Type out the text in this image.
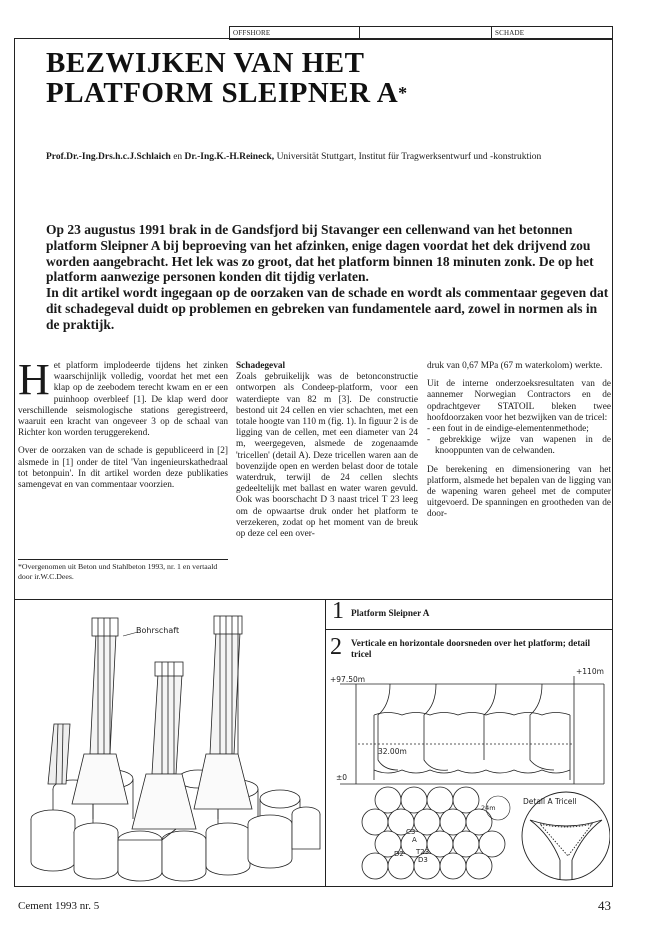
OFFSHORE	SCHADE
BEZWIJKEN VAN HET
PLATFORM SLEIPNER A*
Prof.Dr.-Ing.Drs.h.c.J.Schlaich en Dr.-Ing.K.-H.Reineck, Universität Stuttgart, Institut für Tragwerksentwurf und -konstruktion

Op 23 augustus 1991 brak in de Gandsfjord bij Stavanger een cellenwand van het betonnen platform Sleipner A bij beproeving van het afzinken, enige dagen voordat het dek drijvend zou worden aangebracht. Het lek was zo groot, dat het platform binnen 18 minuten zonk. De op het platform aanwezige personen konden dit tijdig verlaten.

In dit artikel wordt ingegaan op de oorzaken van de schade en wordt als commentaar gegeven dat dit schadegeval duidt op problemen en gebreken van fundamentele aard, zowel in normen als in de praktijk.

Het platform implodeerde tijdens het zinken waarschijnlijk volledig, voordat het met een klap op de zeebodem terecht kwam en er een puinhoop overbleef [1]. De klap werd door verschillende seismologische stations geregistreerd, waaruit een kracht van ongeveer 3 op de schaal van Richter kon worden teruggerekend.

Over de oorzaken van de schade is gepubliceerd in [2] alsmede in [1] onder de titel 'Van ingenieurskathedraal tot betonpuin'. In dit artikel worden deze publikaties samengevat en van commentaar voorzien.

*Overgenomen uit Beton und Stahlbeton 1993, nr. 1 en vertaald door ir.W.C.Dees.
Schadegeval

Zoals gebruikelijk was de betonconstructie ontworpen als Condeep-platform, voor een waterdiepte van 82 m [3]. De constructie bestond uit 24 cellen en vier schachten, met een totale hoogte van 110 m (fig. 1). In figuur 2 is de ligging van de cellen, met een diameter van 24 m, weergegeven, alsmede de zogenaamde 'tricellen' (detail A). Deze tricellen waren aan de bovenzijde open en werden belast door de totale waterdruk, terwijl de 24 cellen slechts gedeeltelijk met ballast en water waren gevuld. Ook was boorschacht D 3 naast tricel T 23 leeg om de opwaartse druk onder het platform te verzekeren, zodat op het moment van de breuk op deze cel een over-

druk van 0,67 MPa (67 m waterkolom) werkte.

Uit de interne onderzoeksresultaten van de aannemer Norwegian Contractors en de opdrachtgever STATOIL bleken twee hoofdoorzaken voor het bezwijken van de tricel:

- een fout in de eindige-elementenmethode;
- gebrekkige wijze van wapenen in de knooppunten van de celwanden.

De berekening en dimensionering van het platform, alsmede het bepalen van de ligging van de wapening waren geheel met de computer uitgevoerd. De spanningen en grootheden van de door-

1 Platform Sleipner A
2 Verticale en horizontale doorsneden over het platform; detail tricel
Bohrschaft
+97.50m
+110m
32.00m
±0
C3
A
D2 T23
D3
24m
Detail A Tricell
Cement 1993 nr. 5	43
